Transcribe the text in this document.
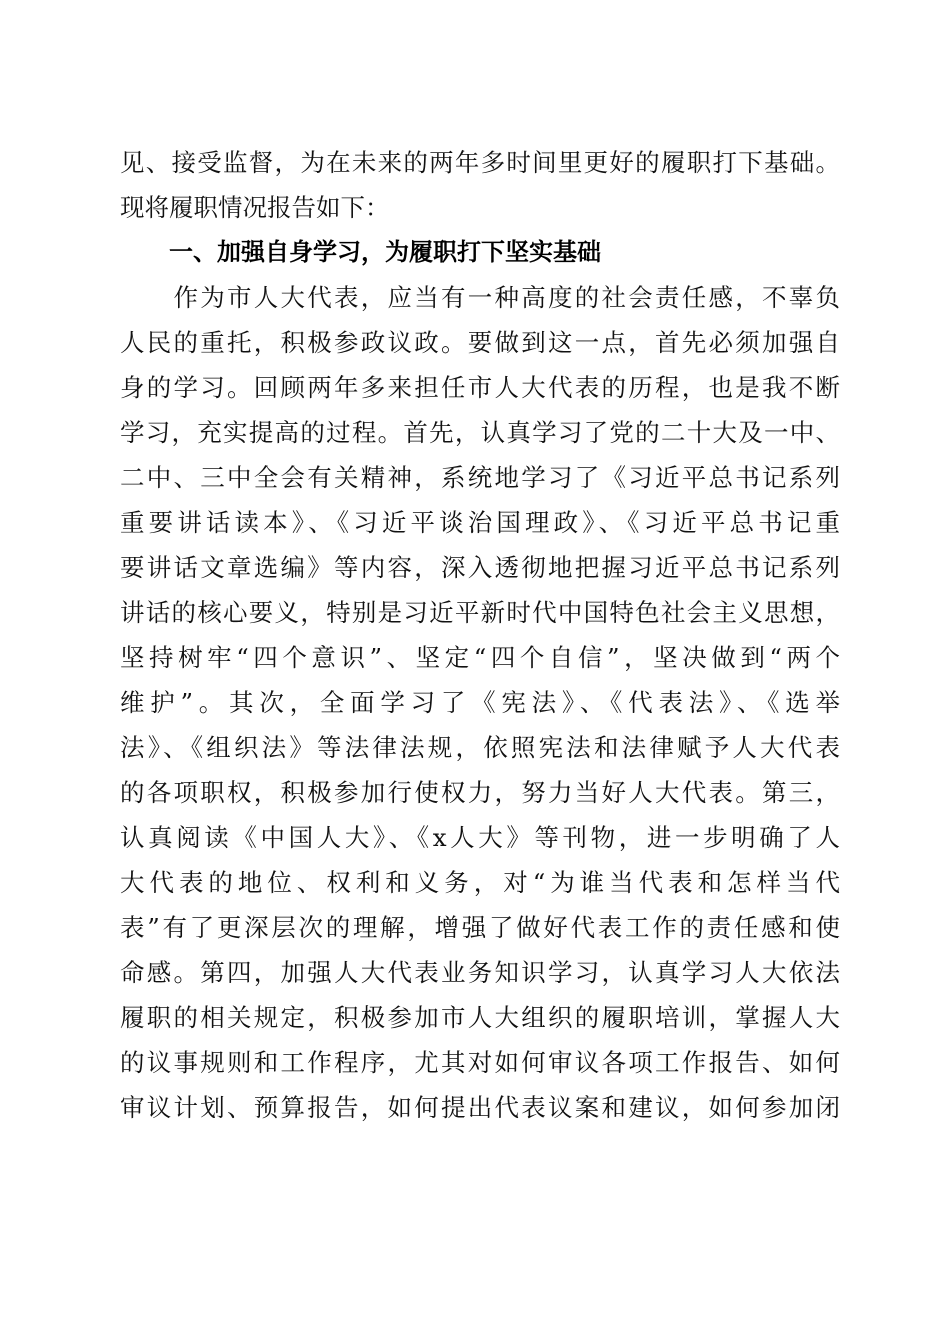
见、接受监督，为在未来的两年多时间里更好的履职打下基础。
现将履职情况报告如下：
一、加强自身学习，为履职打下坚实基础
　　作为市人大代表，应当有一种高度的社会责任感，不辜负
人民的重托，积极参政议政。要做到这一点，首先必须加强自
身的学习。回顾两年多来担任市人大代表的历程，也是我不断
学习，充实提高的过程。首先，认真学习了党的二十大及一中、
二中、三中全会有关精神，系统地学习了《习近平总书记系列
重要讲话读本》、《习近平谈治国理政》、《习近平总书记重
要讲话文章选编》等内容，深入透彻地把握习近平总书记系列
讲话的核心要义，特别是习近平新时代中国特色社会主义思想，
坚持树牢“四个意识”、坚定“四个自信”，坚决做到“两个
维护”。其次，全面学习了《宪法》、《代表法》、《选举
法》、《组织法》等法律法规，依照宪法和法律赋予人大代表
的各项职权，积极参加行使权力，努力当好人大代表。第三，
认真阅读《中国人大》、《x人大》等刊物，进一步明确了人
大代表的地位、权利和义务，对“为谁当代表和怎样当代
表”有了更深层次的理解，增强了做好代表工作的责任感和使
命感。第四，加强人大代表业务知识学习，认真学习人大依法
履职的相关规定，积极参加市人大组织的履职培训，掌握人大
的议事规则和工作程序，尤其对如何审议各项工作报告、如何
审议计划、预算报告，如何提出代表议案和建议，如何参加闭
